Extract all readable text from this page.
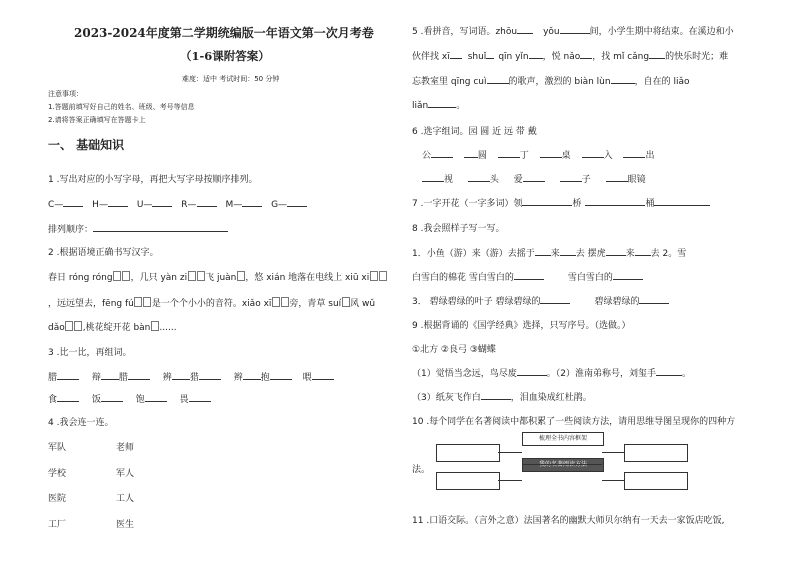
2023-2024年度第二学期统编版一年语文第一次月考卷
（1-6课附答案）
难度：适中 考试时间：50 分钟
注意事项：
1.答题前填写好自己的姓名、班级、考号等信息
2.请将答案正确填写在答题卡上
一、 基础知识
1 .写出对应的小写字母，再把大写字母按顺序排列。
C—	H—	U—	R—	M—	G—
排列顺序：
2 .根据语境正确书写汉字。
春日 róng róng ，几只 yàn zi 飞 juàn ，悠 xián 地落在电线上 xiū xi
，远远望去，fēng fú 是一个个小小的音符。xiǎo xī 旁，青草 suí 风 wǔ
dǎo ,桃花绽开花 bàn ......
3 .比一比，再组词。
腊	辩 腊	辨 猎	辫 抱	喂
食	饭	饱	畏
4 .我会连一连。
军队	老师
学校	军人
医院	工人
工厂	医生
5 .看拼音，写词语。zhōu	yǒu	间，小学生期中将结束。在溪边和小
伙伴找 xī shuǐ qīn yǐn ，悦 nǎo ，找 mǐ cǎng 的快乐时光；难
忘教室里 qīng cuì 的歌声，激烈的 biàn lùn	，自在的 liǎo
liǎn	。
6 .选字组词。园 圆 近 远 带 戴
公	圆	丁	桌	入	出
视	头 爱	子	眼镜
7 .一字开花（一字多词）领	桥	桶
8 .我会照样子写一写。
1．小鱼（游）来（游）去摇于 来 去 摆虎 来 去 2。雪
白雪白的棉花 雪白雪白的	雪白雪白的
3． 碧绿碧绿的叶子 碧绿碧绿的	碧绿碧绿的
9 .根据背诵的《国学经典》选择，只写序号。（选做。）
①北方 ②良弓 ③蝴蝶
（1）觉悟当念远，鸟尽废	。（2）淮南弟称号，刘玺手	。
（3）纸灰飞作白	，泪血染成红杜鹃。
10 .每个同学在名著阅读中都积累了一些阅读方法，请用思维导图呈现你的四种方
法。
梳理全书内容框架
11 .口语交际。（言外之意）法国著名的幽默大师贝尔纳有一天去一家饭店吃饭,
